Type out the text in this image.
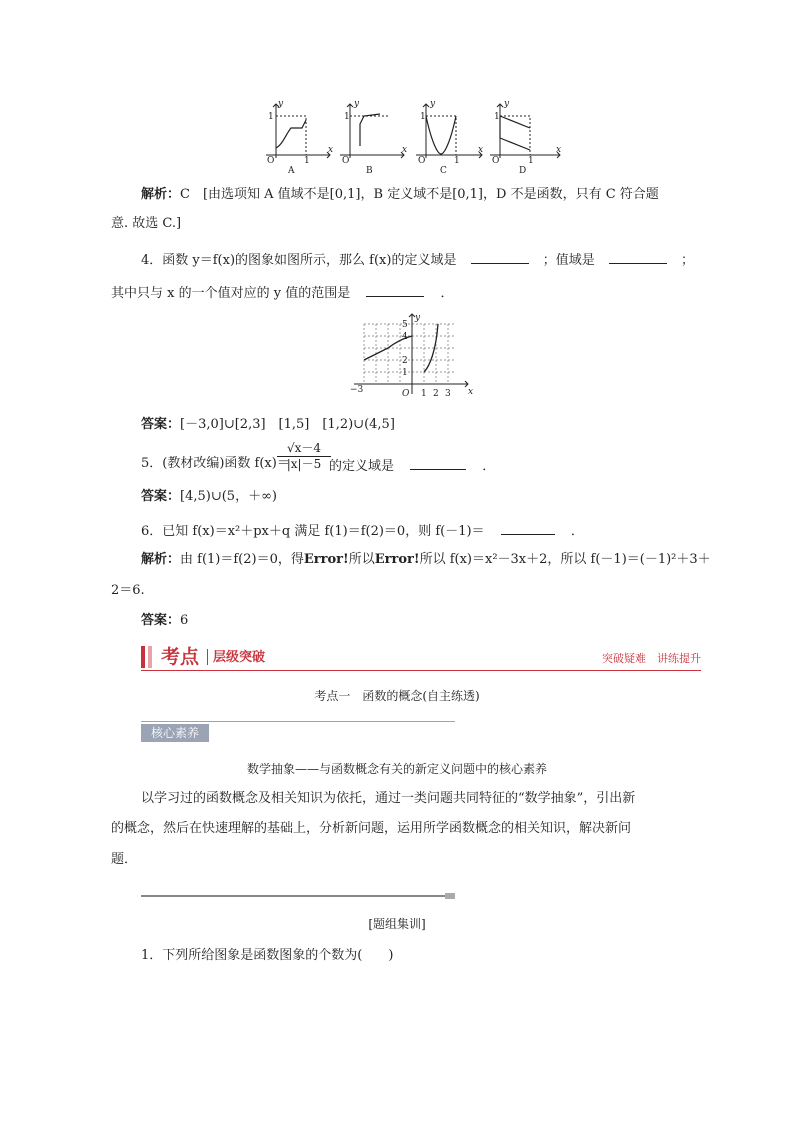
y
x
y
x
y
x
y
x
1
O	1
1
O
1
O	1
1
O	1
A	B	C	D
解析：C　[由选项知 A 值域不是[0,1]，B 定义域不是[0,1]，D 不是函数，只有 C 符合题
意. 故选 C.]
4．函数 y＝f(x)的图象如图所示，那么 f(x)的定义域是	；值域是	；
其中只与 x 的一个值对应的 y 值的范围是	．
y
x
5
4
2
1
−3	O 1 2 3
答案：[－3,0]∪[2,3]　[1,5]　[1,2)∪(4,5]
5．(教材改编)函数 f(x)＝
$\frac{√x-4}{|x|-5}$
的定义域是	．
答案：[4,5)∪(5，＋∞)
6．已知 f(x)＝x²＋px＋q 满足 f(1)＝f(2)＝0，则 f(－1)＝	．
解析：由 f(1)＝f(2)＝0，得Error!所以Error!所以 f(x)＝x²－3x＋2，所以 f(－1)＝(－1)²＋3＋
2＝6.
答案：6
考点 层级突破	突破疑难　 讲练提升
考点一　函数的概念(自主练透)
核心素养
数学抽象——与函数概念有关的新定义问题中的核心素养
以学习过的函数概念及相关知识为依托，通过一类问题共同特征的“数学抽象”，引出新
的概念，然后在快速理解的基础上，分析新问题，运用所学函数概念的相关知识，解决新问
题．
[题组集训]
1．下列所给图象是函数图象的个数为(　　)
